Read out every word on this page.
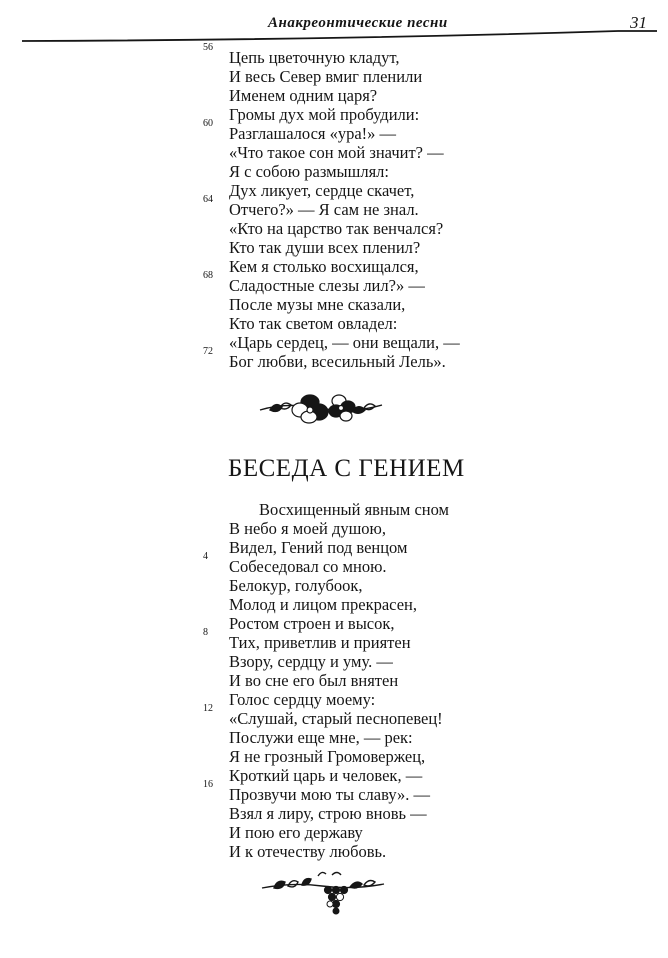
Анакреонтические песни	31
56
Цепь цветочную кладут,
И весь Север вмиг пленили
Именем одним царя?
Громы дух мой пробудили:
60
Разглашалося «ура!» —
«Что такое сон мой значит? —
Я с собою размышлял:
Дух ликует, сердце скачет,
64
Отчего?» — Я сам не знал.
«Кто на царство так венчался?
Кто так души всех пленил?
Кем я столько восхищался,
68
Сладостные слезы лил?» —
После музы мне сказали,
Кто так светом овладел:
«Царь сердец, — они вещали, —
72
Бог любви, всесильный Лель».
БЕСЕДА С ГЕНИЕМ
Восхищенный явным сном
В небо я моей душою,
Видел, Гений под венцом
4
Собеседовал со мною.
Белокур, голубоок,
Молод и лицом прекрасен,
Ростом строен и высок,
8
Тих, приветлив и приятен
Взору, сердцу и уму. —
И во сне его был внятен
Голос сердцу моему:
12
«Слушай, старый песнопевец!
Послужи еще мне, — рек:
Я не грозный Громовержец,
Кроткий царь и человек, —
16
Прозвучи мою ты славу». —
Взял я лиру, строю вновь —
И пою его державу
И к отечеству любовь.
